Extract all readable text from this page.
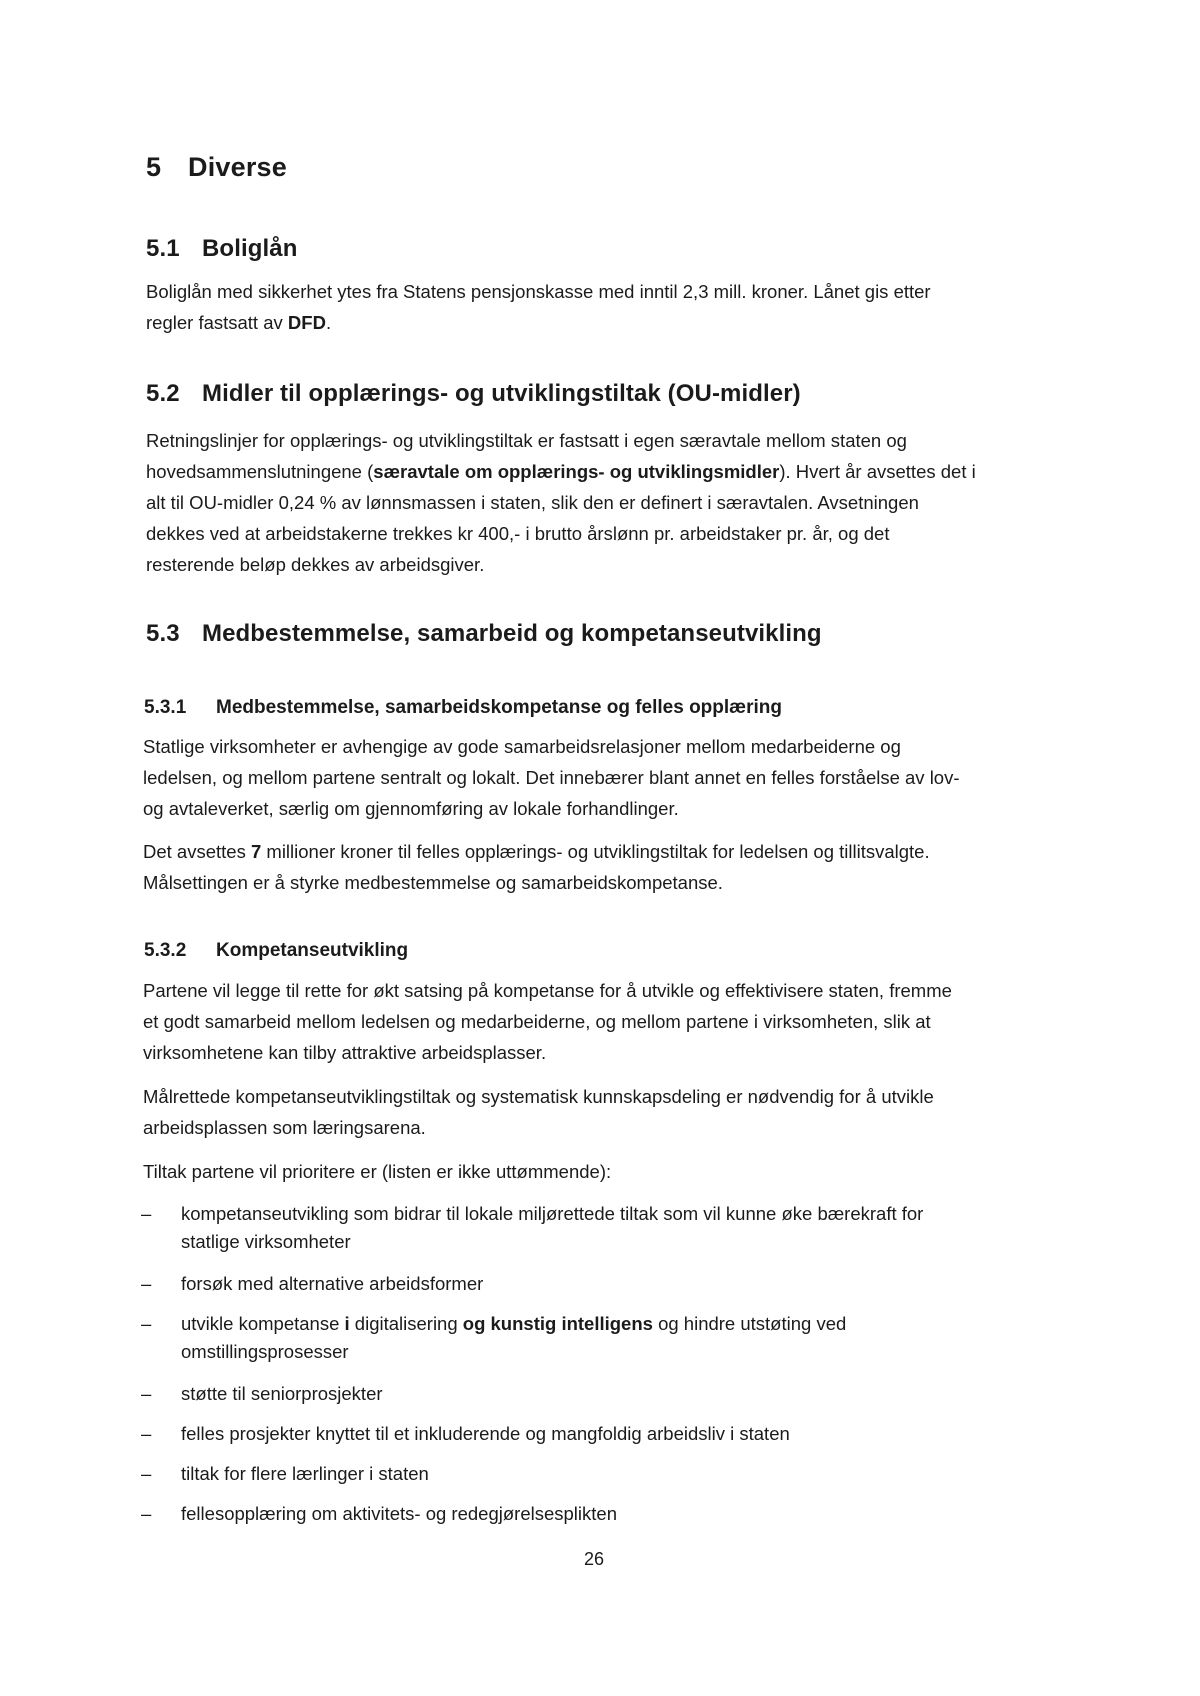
5 Diverse
5.1 Boliglån
Boliglån med sikkerhet ytes fra Statens pensjonskasse med inntil 2,3 mill. kroner. Lånet gis etter
regler fastsatt av DFD.
5.2 Midler til opplærings- og utviklingstiltak (OU-midler)
Retningslinjer for opplærings- og utviklingstiltak er fastsatt i egen særavtale mellom staten og
hovedsammenslutningene (særavtale om opplærings- og utviklingsmidler). Hvert år avsettes det i
alt til OU-midler 0,24 % av lønnsmassen i staten, slik den er definert i særavtalen. Avsetningen
dekkes ved at arbeidstakerne trekkes kr 400,- i brutto årslønn pr. arbeidstaker pr. år, og det
resterende beløp dekkes av arbeidsgiver.
5.3 Medbestemmelse, samarbeid og kompetanseutvikling
5.3.1 Medbestemmelse, samarbeidskompetanse og felles opplæring
Statlige virksomheter er avhengige av gode samarbeidsrelasjoner mellom medarbeiderne og
ledelsen, og mellom partene sentralt og lokalt. Det innebærer blant annet en felles forståelse av lov-
og avtaleverket, særlig om gjennomføring av lokale forhandlinger.
Det avsettes 7 millioner kroner til felles opplærings- og utviklingstiltak for ledelsen og tillitsvalgte.
Målsettingen er å styrke medbestemmelse og samarbeidskompetanse.
5.3.2 Kompetanseutvikling
Partene vil legge til rette for økt satsing på kompetanse for å utvikle og effektivisere staten, fremme
et godt samarbeid mellom ledelsen og medarbeiderne, og mellom partene i virksomheten, slik at
virksomhetene kan tilby attraktive arbeidsplasser.
Målrettede kompetanseutviklingstiltak og systematisk kunnskapsdeling er nødvendig for å utvikle
arbeidsplassen som læringsarena.
Tiltak partene vil prioritere er (listen er ikke uttømmende):
– kompetanseutvikling som bidrar til lokale miljørettede tiltak som vil kunne øke bærekraft for
statlige virksomheter
– forsøk med alternative arbeidsformer
– utvikle kompetanse i digitalisering og kunstig intelligens og hindre utstøting ved
omstillingsprosesser
– støtte til seniorprosjekter
– felles prosjekter knyttet til et inkluderende og mangfoldig arbeidsliv i staten
– tiltak for flere lærlinger i staten
– fellesopplæring om aktivitets- og redegjørelsesplikten
26
